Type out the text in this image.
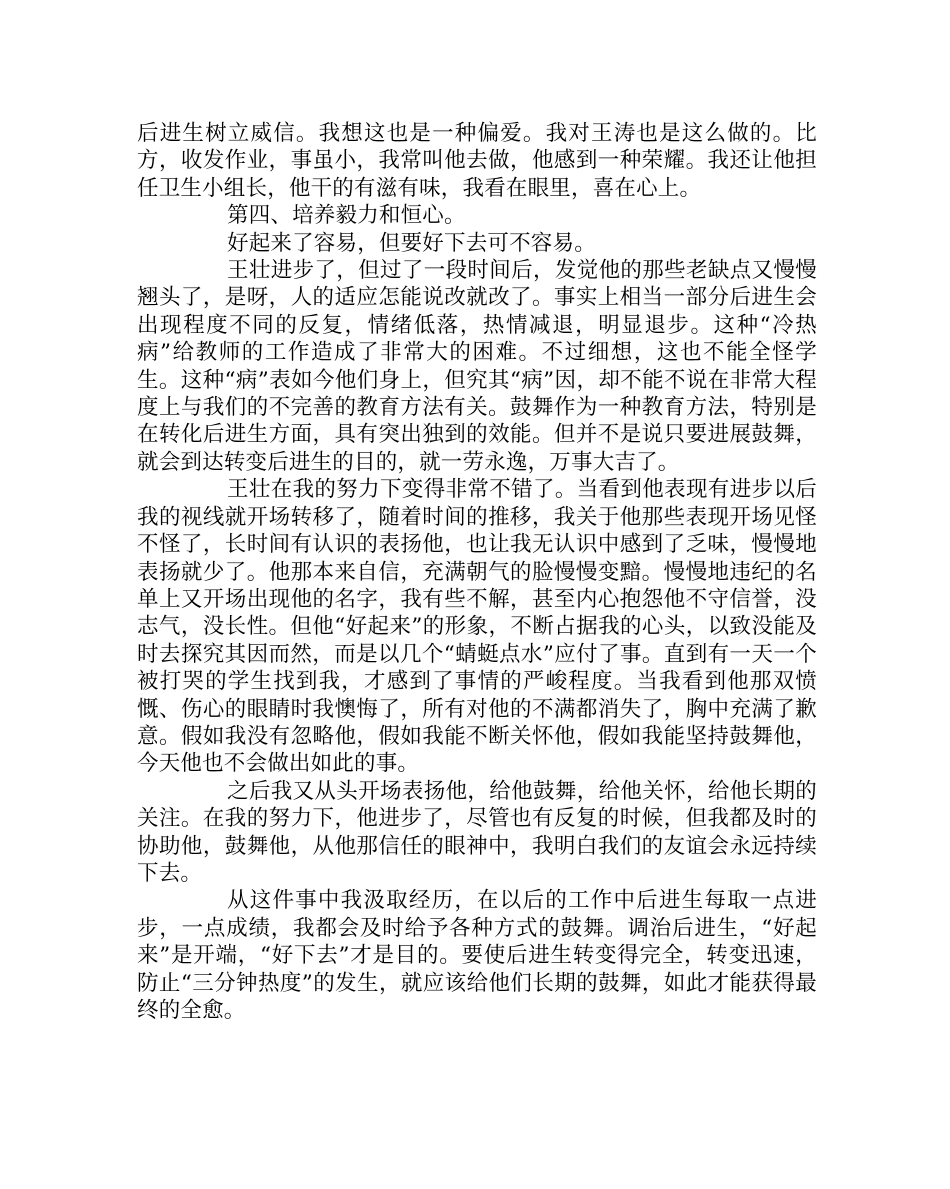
后进生树立威信。我想这也是一种偏爱。我对王涛也是这么做的。比方，收发作业，事虽小，我常叫他去做，他感到一种荣耀。我还让他担任卫生小组长，他干的有滋有味，我看在眼里，喜在心上。

第四、培养毅力和恒心。

好起来了容易，但要好下去可不容易。

王壮进步了，但过了一段时间后，发觉他的那些老缺点又慢慢翘头了，是呀，人的适应怎能说改就改了。事实上相当一部分后进生会出现程度不同的反复，情绪低落，热情减退，明显退步。这种“冷热病”给教师的工作造成了非常大的困难。不过细想，这也不能全怪学生。这种“病”表如今他们身上，但究其“病”因，却不能不说在非常大程度上与我们的不完善的教育方法有关。鼓舞作为一种教育方法，特别是在转化后进生方面，具有突出独到的效能。但并不是说只要进展鼓舞，就会到达转变后进生的目的，就一劳永逸，万事大吉了。

王壮在我的努力下变得非常不错了。当看到他表现有进步以后我的视线就开场转移了，随着时间的推移，我关于他那些表现开场见怪不怪了，长时间有认识的表扬他，也让我无认识中感到了乏味，慢慢地表扬就少了。他那本来自信，充满朝气的脸慢慢变黯。慢慢地违纪的名单上又开场出现他的名字，我有些不解，甚至内心抱怨他不守信誉，没志气，没长性。但他“好起来”的形象，不断占据我的心头，以致没能及时去探究其因而然，而是以几个“蜻蜓点水”应付了事。直到有一天一个被打哭的学生找到我，才感到了事情的严峻程度。当我看到他那双愤慨、伤心的眼睛时我懊悔了，所有对他的不满都消失了，胸中充满了歉意。假如我没有忽略他，假如我能不断关怀他，假如我能坚持鼓舞他，今天他也不会做出如此的事。

之后我又从头开场表扬他，给他鼓舞，给他关怀，给他长期的关注。在我的努力下，他进步了，尽管也有反复的时候，但我都及时的协助他，鼓舞他，从他那信任的眼神中，我明白我们的友谊会永远持续下去。

从这件事中我汲取经历，在以后的工作中后进生每取一点进步，一点成绩，我都会及时给予各种方式的鼓舞。调治后进生，“好起来”是开端，“好下去”才是目的。要使后进生转变得完全，转变迅速，防止“三分钟热度”的发生，就应该给他们长期的鼓舞，如此才能获得最终的全愈。
